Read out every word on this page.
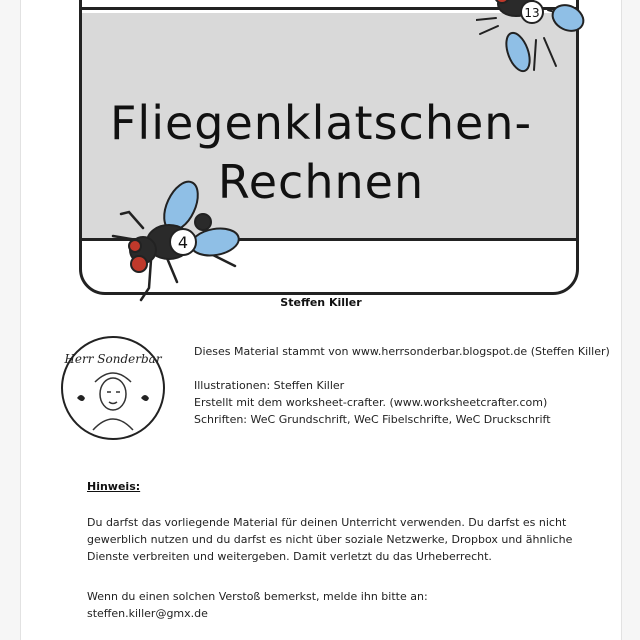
Fliegenklatschen-
Rechnen
Steffen Killer
13
4
Herr Sonderbar
Dieses Material stammt von www.herrsonderbar.blogspot.de (Steffen Killer)
Illustrationen: Steffen Killer
Erstellt mit dem worksheet-crafter. (www.worksheetcrafter.com)
Schriften: WeC Grundschrift, WeC Fibelschrifte, WeC Druckschrift
Hinweis:
Du darfst das vorliegende Material für deinen Unterricht verwenden. Du darfst es nicht
gewerblich nutzen und du darfst es nicht über soziale Netzwerke, Dropbox und ähnliche
Dienste verbreiten und weitergeben. Damit verletzt du das Urheberrecht.
Wenn du einen solchen Verstoß bemerkst, melde ihn bitte an:
steffen.killer@gmx.de
